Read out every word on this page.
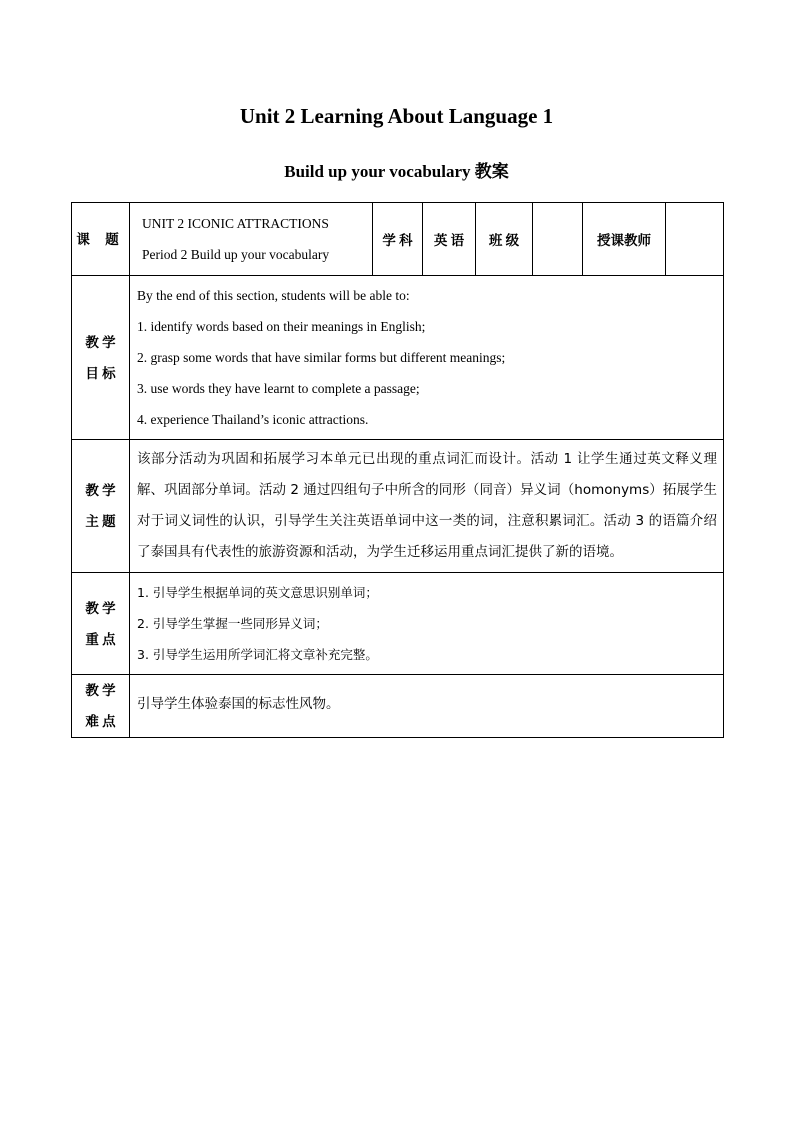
Unit 2 Learning About Language 1
Build up your vocabulary 教案
课 题	UNIT 2 ICONIC ATTRACTIONS
Period 2 Build up your vocabulary	学 科	英 语	班 级		授课教师	

教 学
目 标	By the end of this section, students will be able to:
1. identify words based on their meanings in English;
2. grasp some words that have similar forms but different meanings;
3. use words they have learnt to complete a passage;
4. experience Thailand’s iconic attractions.						

教 学
主 题	该部分活动为巩固和拓展学习本单元已出现的重点词汇而设计。活动 1 让学生通过英文释义理解、巩固部分单词。活动 2 通过四组句子中所含的同形（同音）异义词（homonyms）拓展学生对于词义词性的认识，引导学生关注英语单词中这一类的词，注意积累词汇。活动 3 的语篇介绍了泰国具有代表性的旅游资源和活动，为学生迁移运用重点词汇提供了新的语境。						

教 学
重 点	1. 引导学生根据单词的英文意思识别单词；
2. 引导学生掌握一些同形异义词；
3. 引导学生运用所学词汇将文章补充完整。						

教 学
难 点	引导学生体验泰国的标志性风物。						
